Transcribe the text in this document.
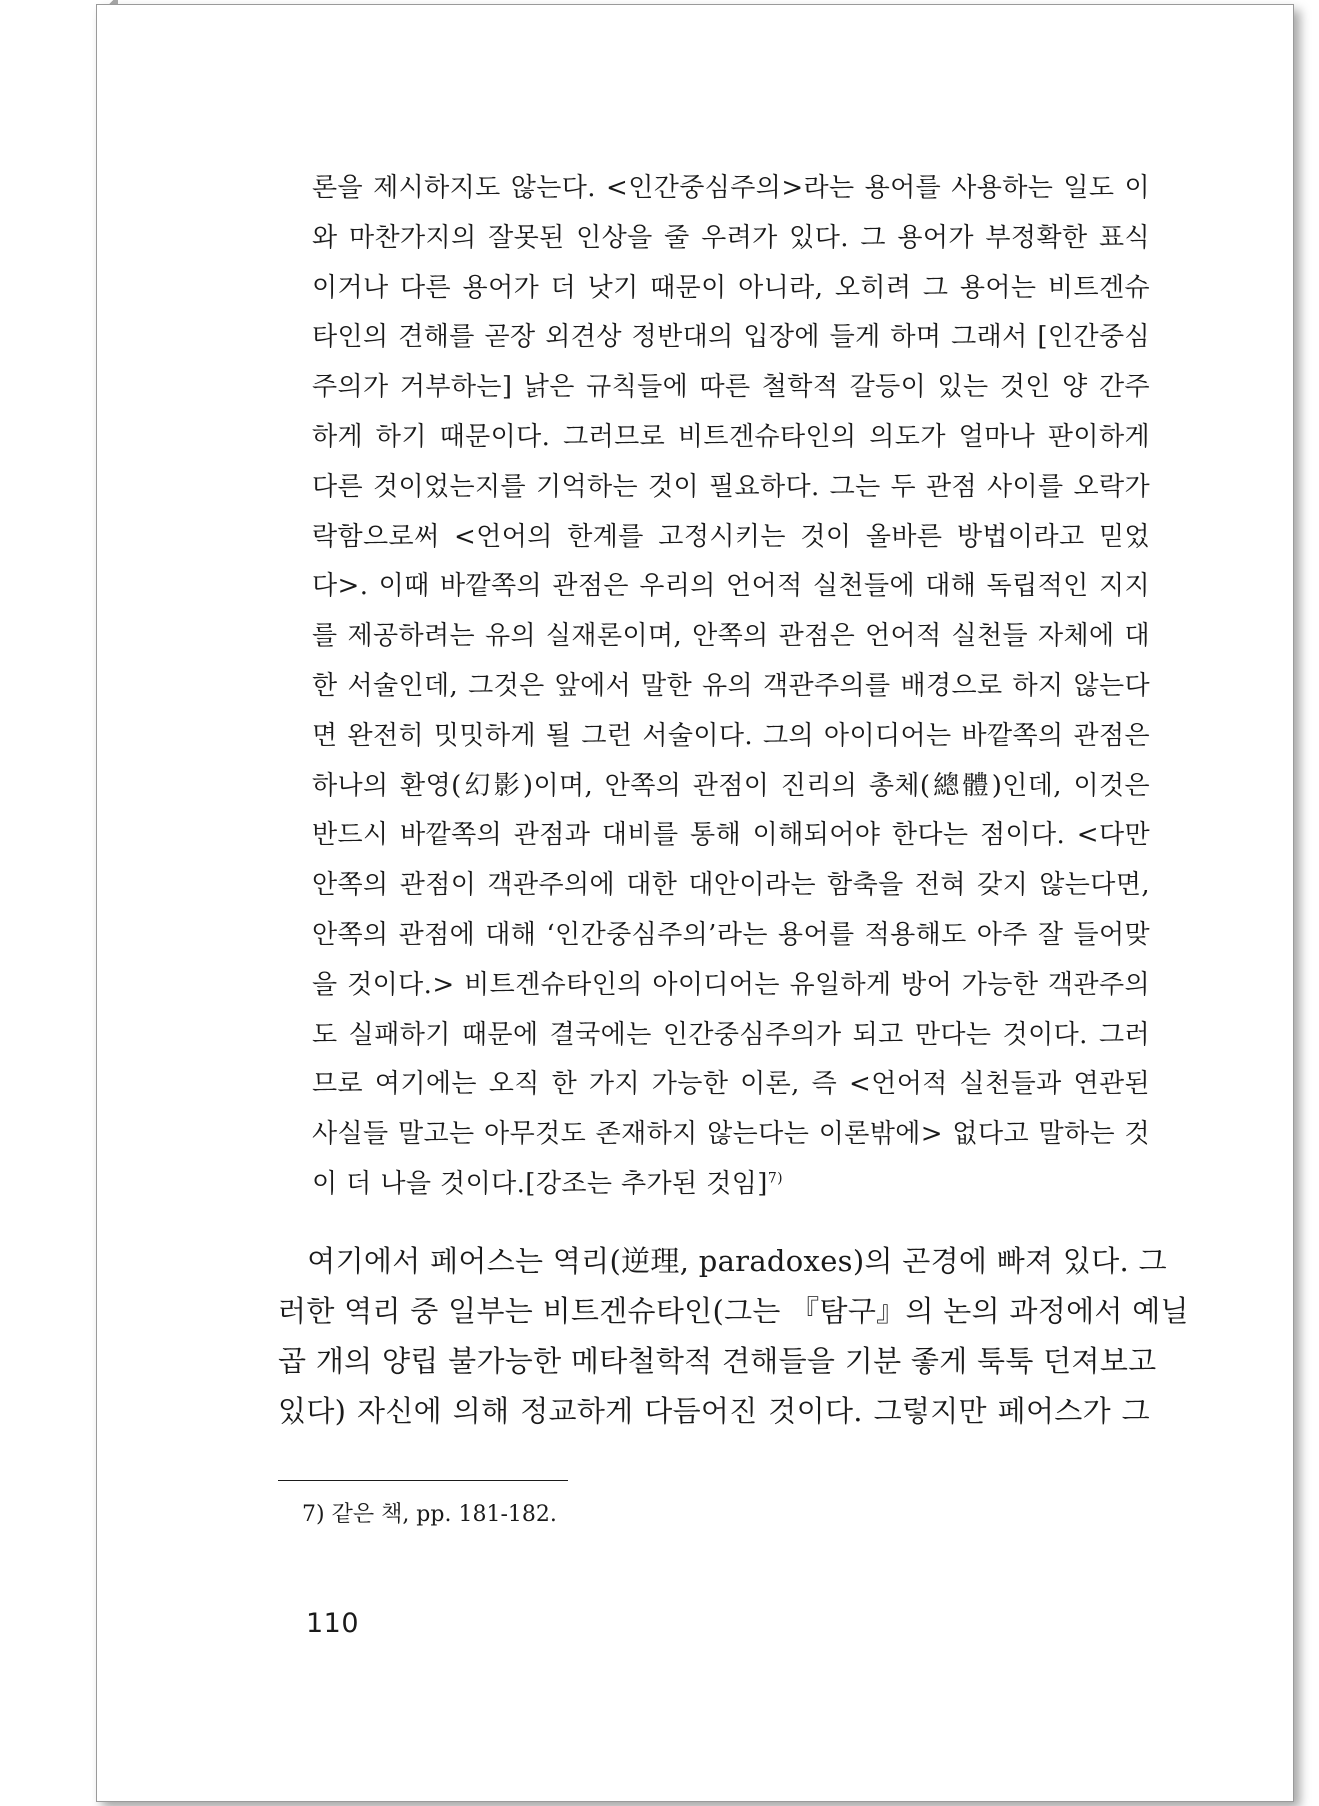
론을 제시하지도 않는다. <인간중심주의>라는 용어를 사용하는 일도 이
와 마찬가지의 잘못된 인상을 줄 우려가 있다. 그 용어가 부정확한 표식
이거나 다른 용어가 더 낫기 때문이 아니라, 오히려 그 용어는 비트겐슈
타인의 견해를 곧장 외견상 정반대의 입장에 들게 하며 그래서 [인간중심
주의가 거부하는] 낡은 규칙들에 따른 철학적 갈등이 있는 것인 양 간주
하게 하기 때문이다. 그러므로 비트겐슈타인의 의도가 얼마나 판이하게
다른 것이었는지를 기억하는 것이 필요하다. 그는 두 관점 사이를 오락가
락함으로써 <언어의 한계를 고정시키는 것이 올바른 방법이라고 믿었
다>. 이때 바깥쪽의 관점은 우리의 언어적 실천들에 대해 독립적인 지지
를 제공하려는 유의 실재론이며, 안쪽의 관점은 언어적 실천들 자체에 대
한 서술인데, 그것은 앞에서 말한 유의 객관주의를 배경으로 하지 않는다
면 완전히 밋밋하게 될 그런 서술이다. 그의 아이디어는 바깥쪽의 관점은
하나의 환영(幻影)이며, 안쪽의 관점이 진리의 총체(總體)인데, 이것은
반드시 바깥쪽의 관점과 대비를 통해 이해되어야 한다는 점이다. <다만
안쪽의 관점이 객관주의에 대한 대안이라는 함축을 전혀 갖지 않는다면,
안쪽의 관점에 대해 ‘인간중심주의’라는 용어를 적용해도 아주 잘 들어맞
을 것이다.> 비트겐슈타인의 아이디어는 유일하게 방어 가능한 객관주의
도 실패하기 때문에 결국에는 인간중심주의가 되고 만다는 것이다. 그러
므로 여기에는 오직 한 가지 가능한 이론, 즉 <언어적 실천들과 연관된
사실들 말고는 아무것도 존재하지 않는다는 이론밖에> 없다고 말하는 것
이 더 나을 것이다.[강조는 추가된 것임]$^{7)}$
　여기에서 페어스는 역리(逆理, paradoxes)의 곤경에 빠져 있다. 그
러한 역리 중 일부는 비트겐슈타인(그는 『탐구』의 논의 과정에서 예닐
곱 개의 양립 불가능한 메타철학적 견해들을 기분 좋게 툭툭 던져보고
있다) 자신에 의해 정교하게 다듬어진 것이다. 그렇지만 페어스가 그
7) 같은 책, pp. 181-182.
110
